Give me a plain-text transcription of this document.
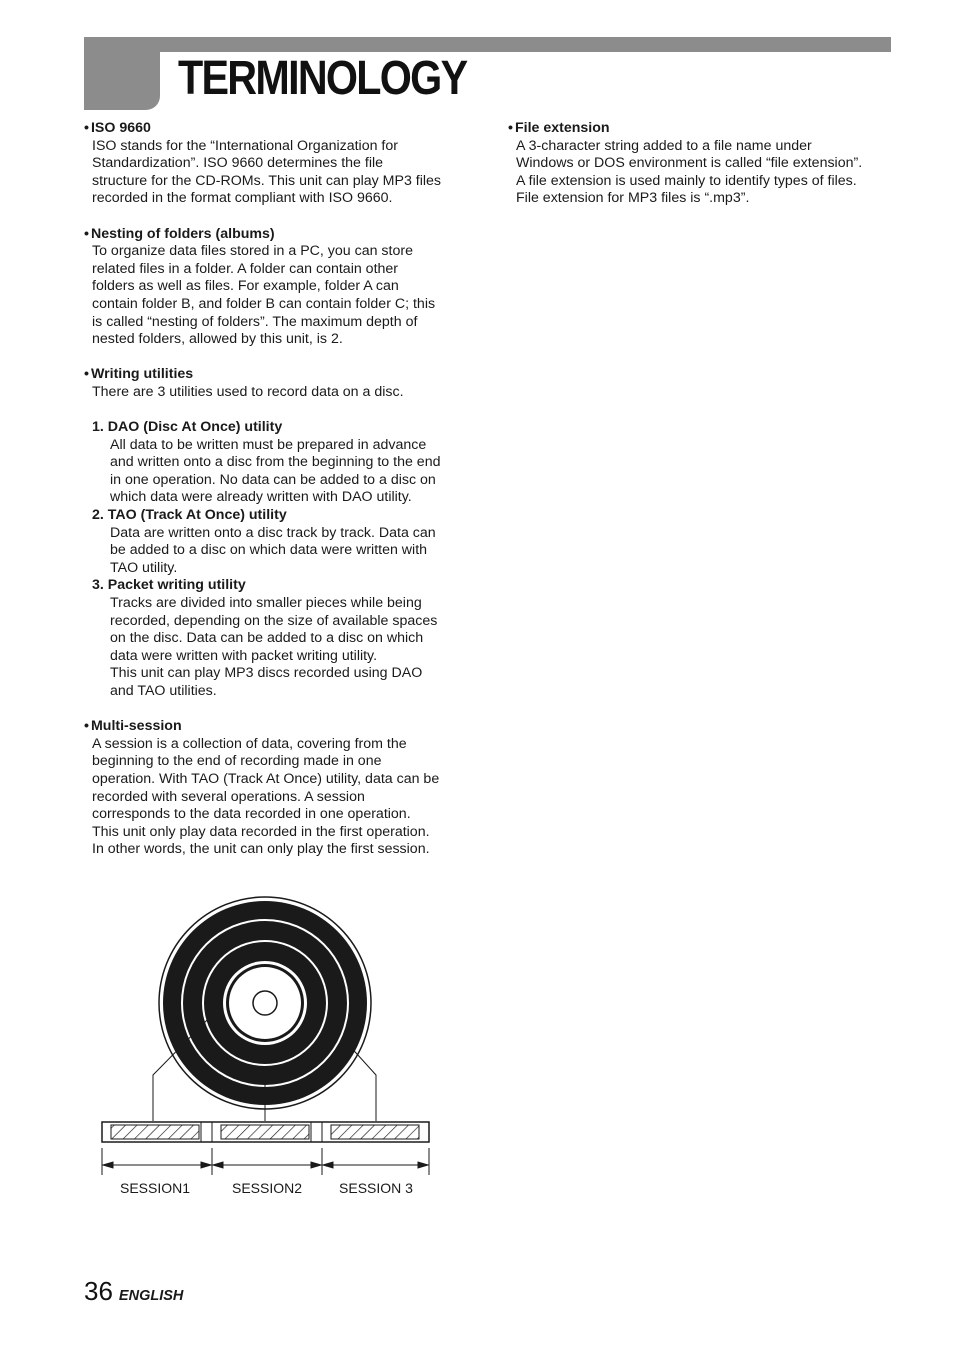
TERMINOLOGY
• ISO 9660
ISO stands for the “International Organization for
Standardization”. ISO 9660 determines the file
structure for the CD-ROMs. This unit can play MP3 files
recorded in the format compliant with ISO 9660.
• Nesting of folders (albums)
To organize data files stored in a PC, you can store
related files in a folder. A folder can contain other
folders as well as files. For example, folder A can
contain folder B, and folder B can contain folder C; this
is called “nesting of folders”. The maximum depth of
nested folders, allowed by this unit, is 2.
• Writing utilities
There are 3 utilities used to record data on a disc.
1. DAO (Disc At Once) utility
All data to be written must be prepared in advance
and written onto a disc from the beginning to the end
in one operation. No data can be added to a disc on
which data were already written with DAO utility.
2. TAO (Track At Once) utility
Data are written onto a disc track by track. Data can
be added to a disc on which data were written with
TAO utility.
3. Packet writing utility
Tracks are divided into smaller pieces while being
recorded, depending on the size of available spaces
on the disc. Data can be added to a disc on which
data were written with packet writing utility.
This unit can play MP3 discs recorded using DAO
and TAO utilities.
• Multi-session
A session is a collection of data, covering from the
beginning to the end of recording made in one
operation. With TAO (Track At Once) utility, data can be
recorded with several operations. A session
corresponds to the data recorded in one operation.
This unit only play data recorded in the first operation.
In other words, the unit can only play the first session.
• File extension
A 3-character string added to a file name under
Windows or DOS environment is called “file extension”.
A file extension is used mainly to identify types of files.
File extension for MP3 files is “.mp3”.
SESSION1	SESSION2	SESSION 3
36 ENGLISH
